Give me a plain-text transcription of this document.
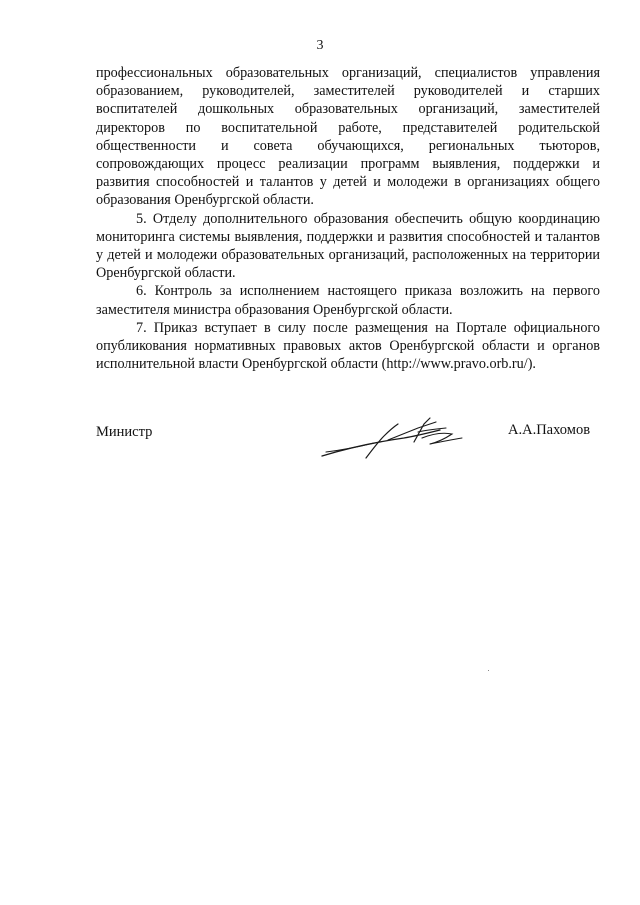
3

профессиональных образовательных организаций, специалистов управления образованием, руководителей, заместителей руководителей и старших воспитателей дошкольных образовательных организаций, заместителей директоров по воспитательной работе, представителей родительской общественности и совета обучающихся, региональных тьюторов, сопровождающих процесс реализации программ выявления, поддержки и развития способностей и талантов у детей и молодежи в организациях общего образования Оренбургской области.

5. Отделу дополнительного образования обеспечить общую координацию мониторинга системы выявления, поддержки и развития способностей и талантов у детей и молодежи образовательных организаций, расположенных на территории Оренбургской области.

6. Контроль за исполнением настоящего приказа возложить на первого заместителя министра образования Оренбургской области.

7. Приказ вступает в силу после размещения на Портале официального опубликования нормативных правовых актов Оренбургской области и органов исполнительной власти Оренбургской области (http://www.pravo.orb.ru/).

Министр	А.А.Пахомов
